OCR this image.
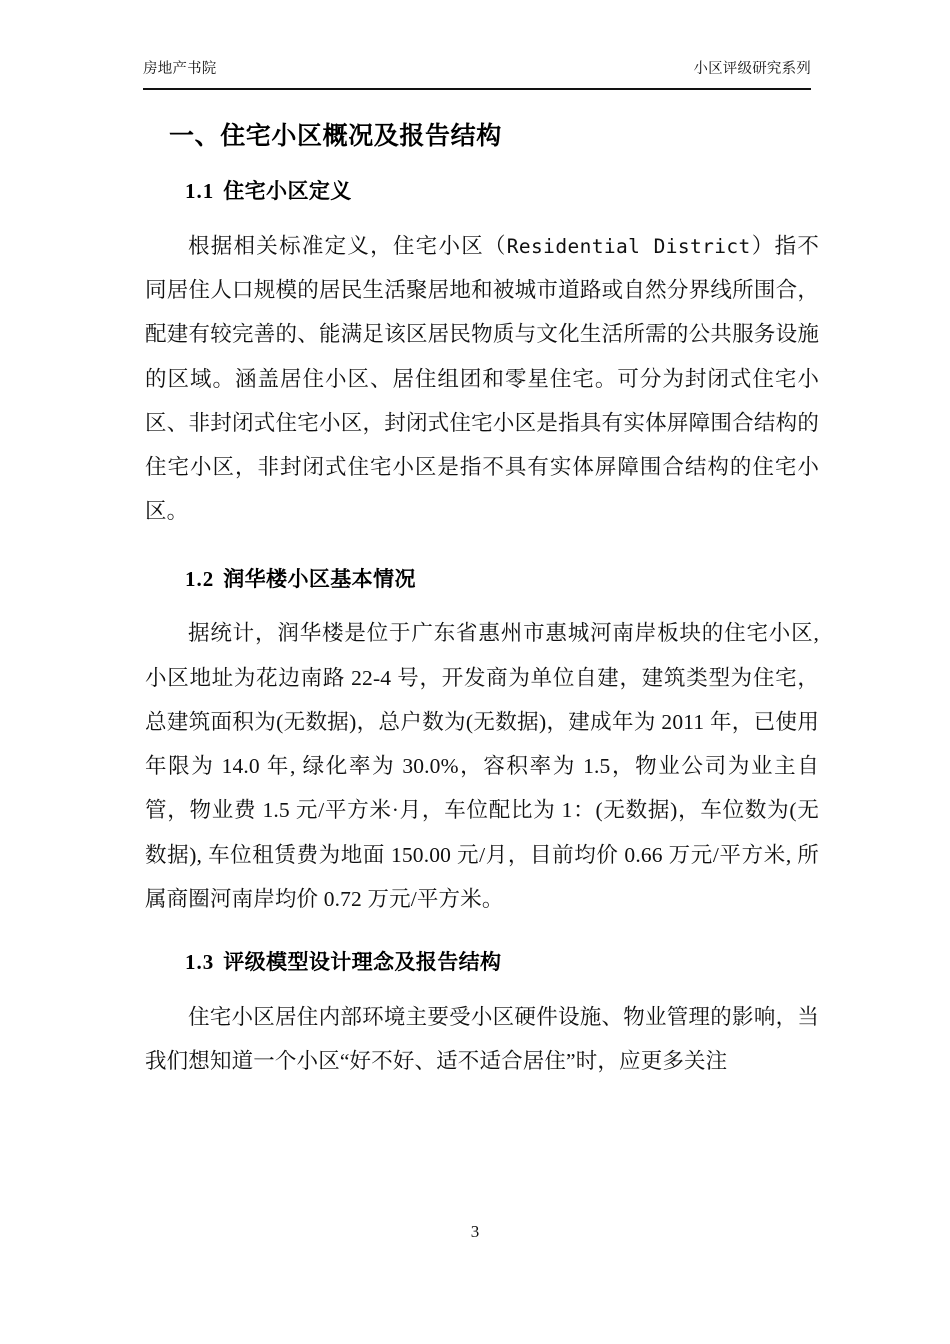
房地产书院	小区评级研究系列
一、住宅小区概况及报告结构
1.1 住宅小区定义

根据相关标准定义，住宅小区（Residential District）指不同居住人口规模的居民生活聚居地和被城市道路或自然分界线所围合，配建有较完善的、能满足该区居民物质与文化生活所需的公共服务设施的区域。涵盖居住小区、居住组团和零星住宅。可分为封闭式住宅小区、非封闭式住宅小区，封闭式住宅小区是指具有实体屏障围合结构的住宅小区，非封闭式住宅小区是指不具有实体屏障围合结构的住宅小区。

1.2 润华楼小区基本情况

据统计，润华楼是位于广东省惠州市惠城河南岸板块的住宅小区, 小区地址为花边南路 22-4 号，开发商为单位自建，建筑类型为住宅，总建筑面积为(无数据)，总户数为(无数据)，建成年为 2011 年，已使用年限为 14.0 年, 绿化率为 30.0%，容积率为 1.5，物业公司为业主自管，物业费 1.5 元/平方米·月，车位配比为 1：(无数据)，车位数为(无数据), 车位租赁费为地面 150.00 元/月，目前均价 0.66 万元/平方米, 所属商圈河南岸均价 0.72 万元/平方米。

1.3 评级模型设计理念及报告结构

住宅小区居住内部环境主要受小区硬件设施、物业管理的影响，当我们想知道一个小区“好不好、适不适合居住”时，应更多关注

3
